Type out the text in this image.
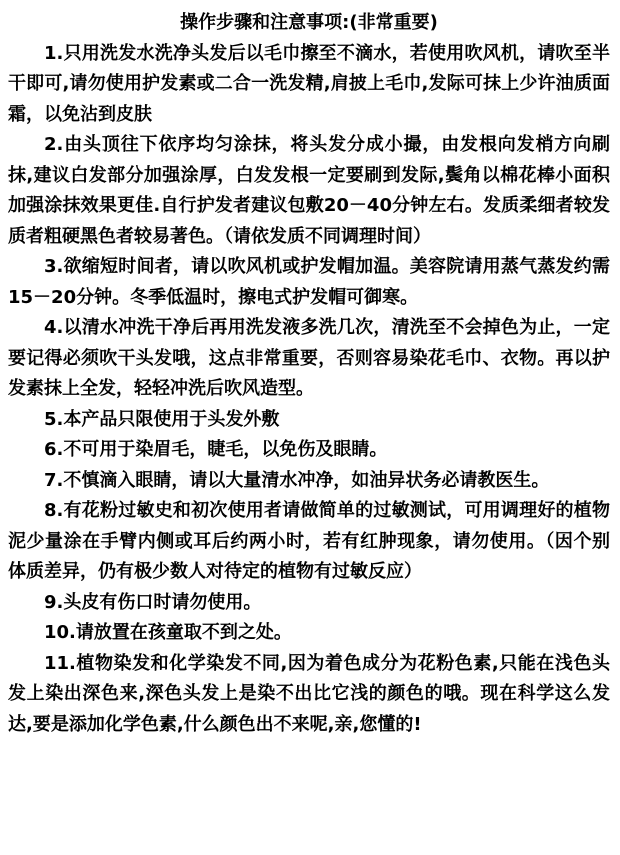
操作步骤和注意事项:(非常重要)

1.只用洗发水洗净头发后以毛巾擦至不滴水，若使用吹风机，请吹至半干即可,请勿使用护发素或二合一洗发精,肩披上毛巾,发际可抹上少许油质面霜，以免沾到皮肤

2.由头顶往下依序均匀涂抹，将头发分成小撮，由发根向发梢方向刷抹,建议白发部分加强涂厚，白发发根一定要刷到发际,鬓角以棉花棒小面积加强涂抹效果更佳.自行护发者建议包敷20－40分钟左右。发质柔细者较发质者粗硬黑色者较易著色。（请依发质不同调理时间）

3.欲缩短时间者，请以吹风机或护发帽加温。美容院请用蒸气蒸发约需15－20分钟。冬季低温时，擦电式护发帽可御寒。

4.以清水冲洗干净后再用洗发液多洗几次，清洗至不会掉色为止，一定要记得必须吹干头发哦，这点非常重要，否则容易染花毛巾、衣物。再以护发素抹上全发，轻轻冲洗后吹风造型。

5.本产品只限使用于头发外敷

6.不可用于染眉毛，睫毛，以免伤及眼睛。

7.不慎滴入眼睛，请以大量清水冲净，如油异状务必请教医生。

8.有花粉过敏史和初次使用者请做简单的过敏测试，可用调理好的植物泥少量涂在手臂内侧或耳后约两小时，若有红肿现象，请勿使用。（因个别体质差异，仍有极少数人对待定的植物有过敏反应）

9.头皮有伤口时请勿使用。

10.请放置在孩童取不到之处。

11.植物染发和化学染发不同,因为着色成分为花粉色素,只能在浅色头发上染出深色来,深色头发上是染不出比它浅的颜色的哦。现在科学这么发达,要是添加化学色素,什么颜色出不来呢,亲,您懂的!
